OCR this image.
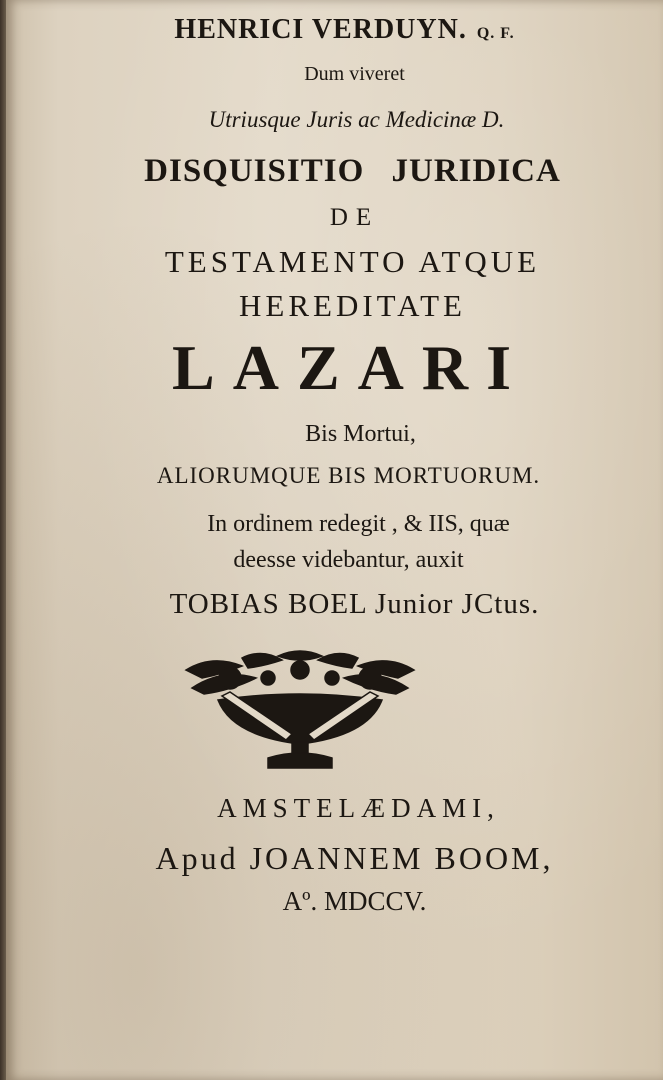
HENRICI VERDUYN. Q. F.
Dum viveret
Utriusque Juris ac Medicinæ D.
DISQUISITIO JURIDICA
DE
TESTAMENTO ATQUE
HEREDITATE
LAZARI
Bis Mortui,
ALIORUMQUE BIS MORTUORUM.
In ordinem redegit , & IIS, quæ
deesse videbantur, auxit
TOBIAS BOEL Junior JCtus.
AMSTELÆDAMI,
Apud JOANNEM BOOM,
Aº. MDCCV.
